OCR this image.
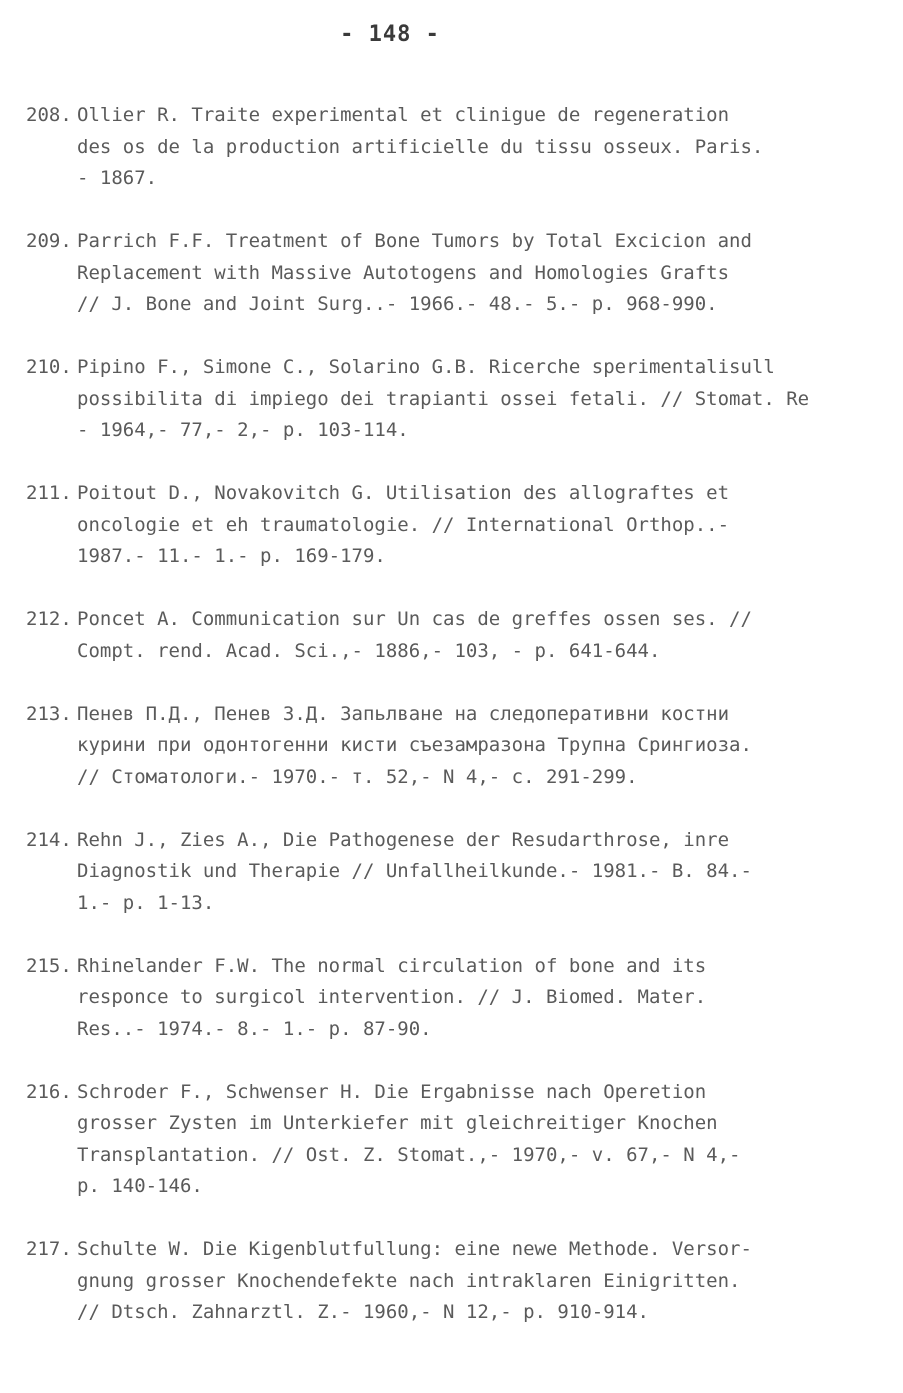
- 148 -
208. Ollier R. Traite experimental et clinigue de regeneration
des os de la production artificielle du tissu osseux. Paris.
- 1867.
209. Parrich F.F. Treatment of Bone Tumors by Total Excicion and
Replacement with Massive Autotogens and Homologies Grafts
// J. Bone and Joint Surg..- 1966.- 48.- 5.- p. 968-990.
210. Pipino F., Simone C., Solarino G.B. Ricerche sperimentalisull
possibilita di impiego dei trapianti ossei fetali. // Stomat. Re
- 1964,- 77,- 2,- p. 103-114.
211. Poitout D., Novakovitch G. Utilisation des allograftes et
oncologie et eh traumatologie. // International Orthop..-
1987.- 11.- 1.- p. 169-179.
212. Poncet A. Communication sur Un cas de greffes ossen ses. //
Compt. rend. Acad. Sci.,- 1886,- 103, - p. 641-644.
213. Пенев П.Д., Пенев З.Д. Запьлване на следоперативни костни
курини при одонтогенни кисти съезамразона Трупна Срингиоза.
// Стоматологи.- 1970.- т. 52,- N 4,- с. 291-299.
214. Rehn J., Zies A., Die Pathogenese der Resudarthrose, inre
Diagnostik und Therapie // Unfallheilkunde.- 1981.- B. 84.-
1.- p. 1-13.
215. Rhinelander F.W. The normal circulation of bone and its
responce to surgicol intervention. // J. Biomed. Mater.
Res..- 1974.- 8.- 1.- p. 87-90.
216. Schroder F., Schwenser H. Die Ergabnisse nach Operetion
grosser Zysten im Unterkiefer mit gleichreitiger Knochen
Transplantation. // Ost. Z. Stomat.,- 1970,- v. 67,- N 4,-
p. 140-146.
217. Schulte W. Die Kigenblutfullung: eine newe Methode. Versor-
gnung grosser Knochendefekte nach intraklaren Einigritten.
// Dtsch. Zahnarztl. Z.- 1960,- N 12,- p. 910-914.
